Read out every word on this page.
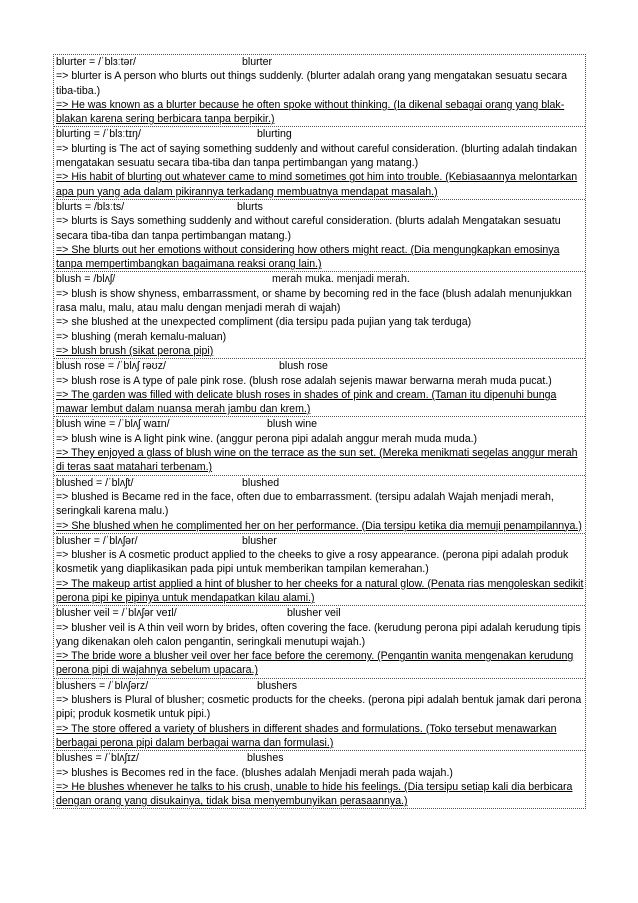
blurter = /ˈblɜːtər/	blurter
=> blurter is A person who blurts out things suddenly. (blurter adalah orang yang mengatakan sesuatu secara tiba-tiba.)
=> He was known as a blurter because he often spoke without thinking. (Ia dikenal sebagai orang yang blak-blakan karena sering berbicara tanpa berpikir.)
blurting = /ˈblɜːtɪŋ/	blurting
=> blurting is The act of saying something suddenly and without careful consideration. (blurting adalah tindakan mengatakan sesuatu secara tiba-tiba dan tanpa pertimbangan yang matang.)
=> His habit of blurting out whatever came to mind sometimes got him into trouble. (Kebiasaannya melontarkan apa pun yang ada dalam pikirannya terkadang membuatnya mendapat masalah.)
blurts = /blɜːts/	blurts
=> blurts is Says something suddenly and without careful consideration. (blurts adalah Mengatakan sesuatu secara tiba-tiba dan tanpa pertimbangan matang.)
=> She blurts out her emotions without considering how others might react. (Dia mengungkapkan emosinya tanpa mempertimbangkan bagaimana reaksi orang lain.)
blush = /blʌʃ/	merah muka. menjadi merah.
=> blush is show shyness, embarrassment, or shame by becoming red in the face (blush adalah menunjukkan rasa malu, malu, atau malu dengan menjadi merah di wajah)
=> she blushed at the unexpected compliment (dia tersipu pada pujian yang tak terduga)
=> blushing (merah kemalu-maluan)
=> blush brush (sikat perona pipi)
blush rose = /ˈblʌʃ rəʊz/	blush rose
=> blush rose is A type of pale pink rose. (blush rose adalah sejenis mawar berwarna merah muda pucat.)
=> The garden was filled with delicate blush roses in shades of pink and cream. (Taman itu dipenuhi bunga mawar lembut dalam nuansa merah jambu dan krem.)
blush wine = /ˈblʌʃ waɪn/	blush wine
=> blush wine is A light pink wine. (anggur perona pipi adalah anggur merah muda muda.)
=> They enjoyed a glass of blush wine on the terrace as the sun set. (Mereka menikmati segelas anggur merah di teras saat matahari terbenam.)
blushed = /ˈblʌʃt/	blushed
=> blushed is Became red in the face, often due to embarrassment. (tersipu adalah Wajah menjadi merah, seringkali karena malu.)
=> She blushed when he complimented her on her performance. (Dia tersipu ketika dia memuji penampilannya.)
blusher = /ˈblʌʃər/	blusher
=> blusher is A cosmetic product applied to the cheeks to give a rosy appearance. (perona pipi adalah produk kosmetik yang diaplikasikan pada pipi untuk memberikan tampilan kemerahan.)
=> The makeup artist applied a hint of blusher to her cheeks for a natural glow. (Penata rias mengoleskan sedikit perona pipi ke pipinya untuk mendapatkan kilau alami.)
blusher veil = /ˈblʌʃər veɪl/	blusher veil
=> blusher veil is A thin veil worn by brides, often covering the face. (kerudung perona pipi adalah kerudung tipis yang dikenakan oleh calon pengantin, seringkali menutupi wajah.)
=> The bride wore a blusher veil over her face before the ceremony. (Pengantin wanita mengenakan kerudung perona pipi di wajahnya sebelum upacara.)
blushers = /ˈblʌʃərz/	blushers
=> blushers is Plural of blusher; cosmetic products for the cheeks. (perona pipi adalah bentuk jamak dari perona pipi; produk kosmetik untuk pipi.)
=> The store offered a variety of blushers in different shades and formulations. (Toko tersebut menawarkan berbagai perona pipi dalam berbagai warna dan formulasi.)
blushes = /ˈblʌʃɪz/	blushes
=> blushes is Becomes red in the face. (blushes adalah Menjadi merah pada wajah.)
=> He blushes whenever he talks to his crush, unable to hide his feelings. (Dia tersipu setiap kali dia berbicara dengan orang yang disukainya, tidak bisa menyembunyikan perasaannya.)
